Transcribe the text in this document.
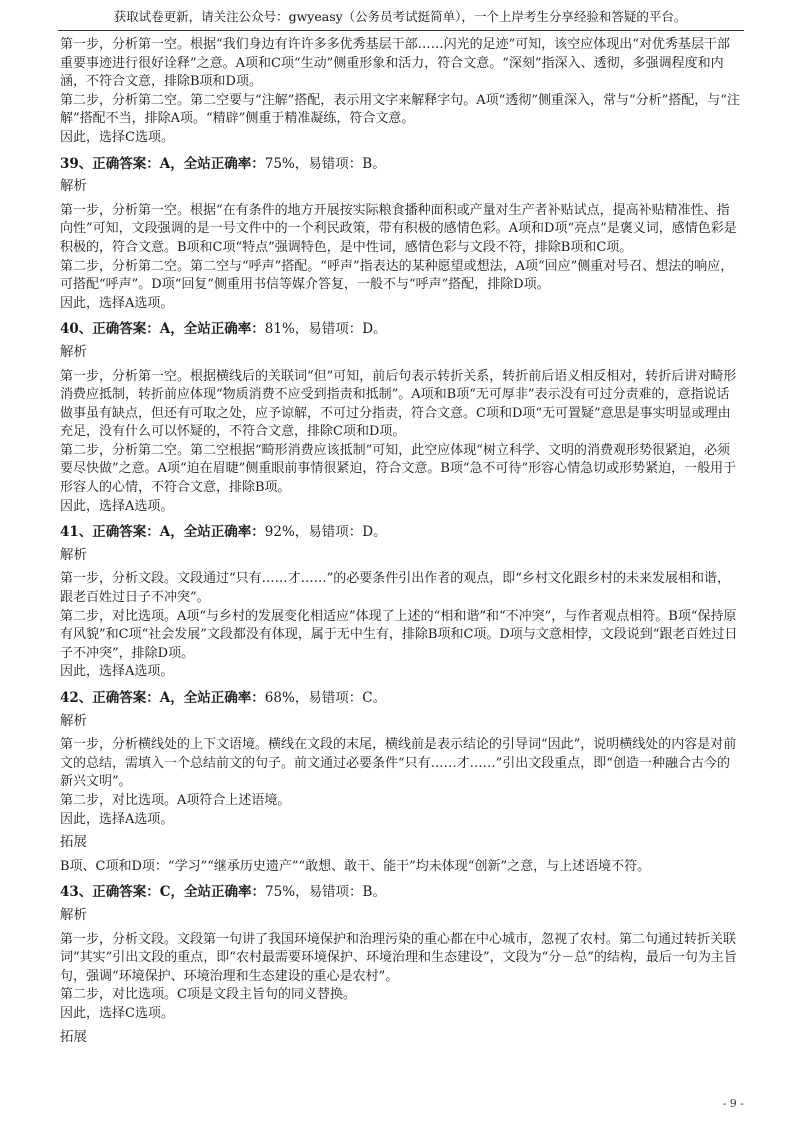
获取试卷更新，请关注公众号：gwyeasy（公务员考试挺简单），一个上岸考生分享经验和答疑的平台。

第一步，分析第一空。根据“我们身边有许许多多优秀基层干部……闪光的足迹”可知，该空应体现出“对优秀基层干部重要事迹进行很好诠释”之意。A项和C项“生动”侧重形象和活力，符合文意。“深刻”指深入、透彻，多强调程度和内涵，不符合文意，排除B项和D项。

第二步，分析第二空。第二空要与“注解”搭配，表示用文字来解释字句。A项“透彻”侧重深入，常与“分析”搭配，与“注解”搭配不当，排除A项。“精辟”侧重于精准凝练，符合文意。

因此，选择C选项。

39、正确答案：A，全站正确率：75%，易错项：B。
解析

第一步，分析第一空。根据“在有条件的地方开展按实际粮食播种面积或产量对生产者补贴试点，提高补贴精准性、指向性”可知，文段强调的是一号文件中的一个利民政策，带有积极的感情色彩。A项和D项“亮点”是褒义词，感情色彩是积极的，符合文意。B项和C项“特点”强调特色，是中性词，感情色彩与文段不符，排除B项和C项。

第二步，分析第二空。第二空与“呼声”搭配。“呼声”指表达的某种愿望或想法，A项“回应”侧重对号召、想法的响应，可搭配“呼声”。D项“回复”侧重用书信等媒介答复，一般不与“呼声”搭配，排除D项。

因此，选择A选项。

40、正确答案：A，全站正确率：81%，易错项：D。
解析

第一步，分析第一空。根据横线后的关联词“但”可知，前后句表示转折关系，转折前后语义相反相对，转折后讲对畸形消费应抵制，转折前应体现“物质消费不应受到指责和抵制”。A项和B项“无可厚非”表示没有可过分责难的，意指说话做事虽有缺点，但还有可取之处，应予谅解，不可过分指责，符合文意。C项和D项“无可置疑”意思是事实明显或理由充足，没有什么可以怀疑的，不符合文意，排除C项和D项。

第二步，分析第二空。第二空根据“畸形消费应该抵制”可知，此空应体现“树立科学、文明的消费观形势很紧迫，必须要尽快做”之意。A项“迫在眉睫”侧重眼前事情很紧迫，符合文意。B项“急不可待”形容心情急切或形势紧迫，一般用于形容人的心情，不符合文意，排除B项。

因此，选择A选项。

41、正确答案：A，全站正确率：92%，易错项：D。
解析

第一步，分析文段。文段通过“只有……才……”的必要条件引出作者的观点，即“乡村文化跟乡村的未来发展相和谐，跟老百姓过日子不冲突”。

第二步，对比选项。A项“与乡村的发展变化相适应”体现了上述的“相和谐”和“不冲突”，与作者观点相符。B项“保持原有风貌”和C项“社会发展”文段都没有体现，属于无中生有，排除B项和C项。D项与文意相悖，文段说到“跟老百姓过日子不冲突”，排除D项。

因此，选择A选项。

42、正确答案：A，全站正确率：68%，易错项：C。
解析

第一步，分析横线处的上下文语境。横线在文段的末尾，横线前是表示结论的引导词“因此”，说明横线处的内容是对前文的总结，需填入一个总结前文的句子。前文通过必要条件“只有……才……”引出文段重点，即“创造一种融合古今的新兴文明”。

第二步，对比选项。A项符合上述语境。

因此，选择A选项。

拓展

B项、C项和D项：“学习”“继承历史遗产”“敢想、敢干、能干”均未体现“创新”之意，与上述语境不符。

43、正确答案：C，全站正确率：75%，易错项：B。
解析

第一步，分析文段。文段第一句讲了我国环境保护和治理污染的重心都在中心城市，忽视了农村。第二句通过转折关联词“其实”引出文段的重点，即“农村最需要环境保护、环境治理和生态建设”，文段为“分－总”的结构，最后一句为主旨句，强调“环境保护、环境治理和生态建设的重心是农村”。

第二步，对比选项。C项是文段主旨句的同义替换。

因此，选择C选项。

拓展
- 9 -
